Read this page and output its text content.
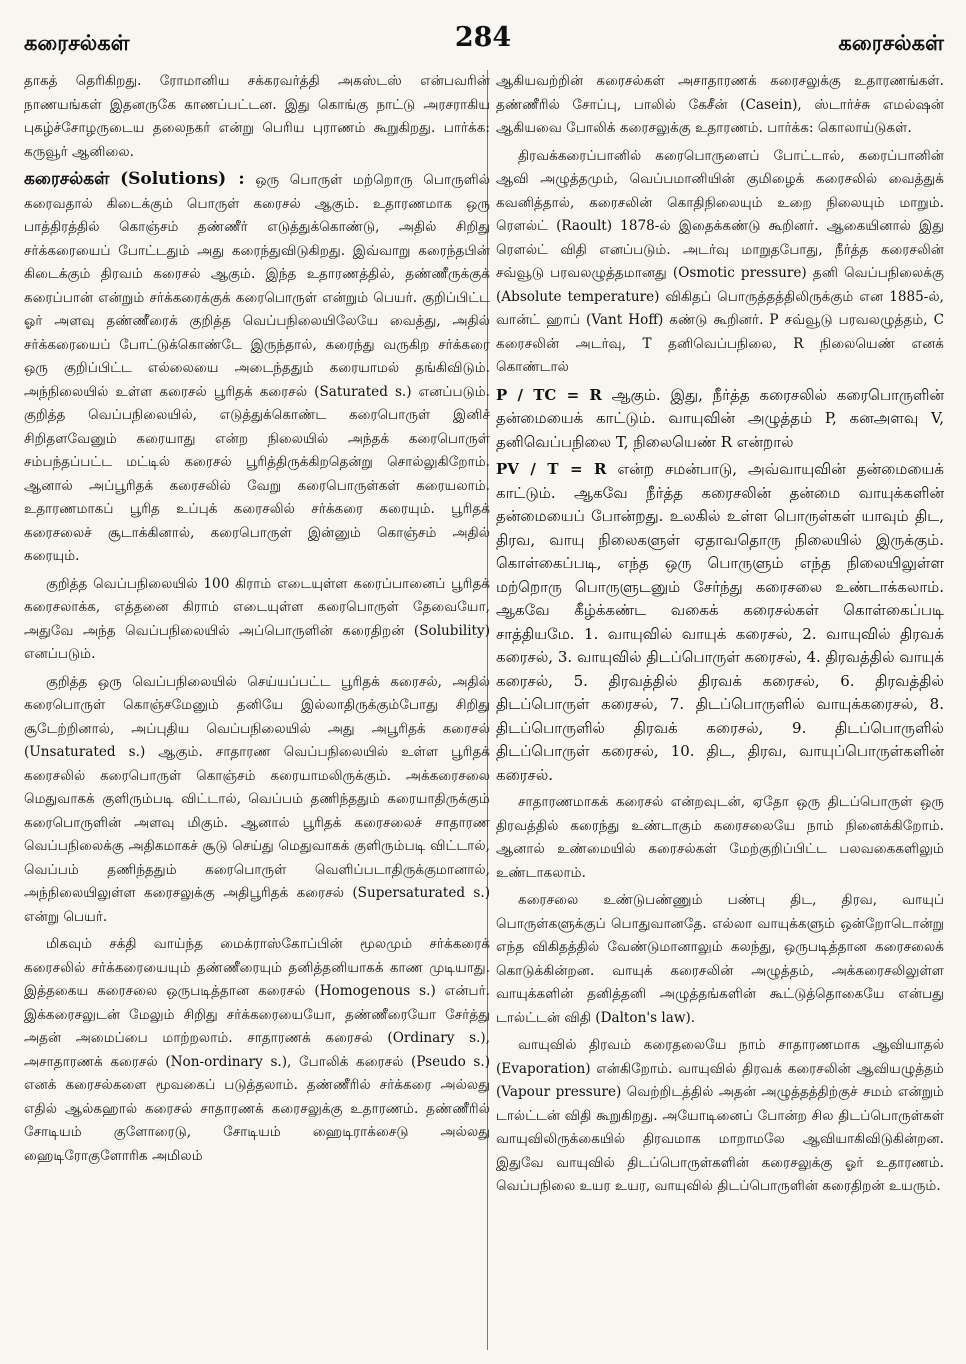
கரைசல்கள்	284	கரைசல்கள்

தாகத் தெரிகிறது. ரோமானிய சக்கரவர்த்தி அகஸ்டஸ் என்பவரின் நாணயங்கள் இதனருகே காணப்பட்டன. இது கொங்கு நாட்டு அரசராகிய புகழ்ச்சோழருடைய தலைநகர் என்று பெரிய புராணம் கூறுகிறது. பார்க்க: கருவூர் ஆனிலை.

கரைசல்கள் (Solutions) : ஒரு பொருள் மற்றொரு பொருளில் கரைவதால் கிடைக்கும் பொருள் கரைசல் ஆகும். உதாரணமாக ஒரு பாத்திரத்தில் கொஞ்சம் தண்ணீர் எடுத்துக்கொண்டு, அதில் சிறிது சர்க்கரையைப் போட்டதும் அது கரைந்துவிடுகிறது. இவ்வாறு கரைந்தபின் கிடைக்கும் திரவம் கரைசல் ஆகும். இந்த உதாரணத்தில், தண்ணீருக்குக் கரைப்பான் என்றும் சர்க்கரைக்குக் கரைபொருள் என்றும் பெயர். குறிப்பிட்ட ஓர் அளவு தண்ணீரைக் குறித்த வெப்பநிலையிலேயே வைத்து, அதில் சர்க்கரையைப் போட்டுக்கொண்டே இருந்தால், கரைந்து வருகிற சர்க்கரை ஒரு குறிப்பிட்ட எல்லையை அடைந்ததும் கரையாமல் தங்கிவிடும். அந்நிலையில் உள்ள கரைசல் பூரிதக் கரைசல் (Saturated s.) எனப்படும். குறித்த வெப்பநிலையில், எடுத்துக்கொண்ட கரைபொருள் இனிச் சிறிதளவேனும் கரையாது என்ற நிலையில் அந்தக் கரைபொருள் சம்பந்தப்பட்ட மட்டில் கரைசல் பூரித்திருக்கிறதென்று சொல்லுகிறோம். ஆனால் அப்பூரிதக் கரைசலில் வேறு கரைபொருள்கள் கரையலாம். உதாரணமாகப் பூரித உப்புக் கரைசலில் சர்க்கரை கரையும். பூரிதக் கரைசலைச் சூடாக்கினால், கரைபொருள் இன்னும் கொஞ்சம் அதில் கரையும்.

குறித்த வெப்பநிலையில் 100 கிராம் எடையுள்ள கரைப்பானைப் பூரிதக் கரைசலாக்க, எத்தனை கிராம் எடையுள்ள கரைபொருள் தேவையோ, அதுவே அந்த வெப்பநிலையில் அப்பொருளின் கரைதிறன் (Solubility) எனப்படும்.

குறித்த ஒரு வெப்பநிலையில் செய்யப்பட்ட பூரிதக் கரைசல், அதில் கரைபொருள் கொஞ்சமேனும் தனியே இல்லாதிருக்கும்போது சிறிது சூடேற்றினால், அப்புதிய வெப்பநிலையில் அது அபூரிதக் கரைசல் (Unsaturated s.) ஆகும். சாதாரண வெப்பநிலையில் உள்ள பூரிதக் கரைசலில் கரைபொருள் கொஞ்சம் கரையாமலிருக்கும். அக்கரைசலை மெதுவாகக் குளிரும்படி விட்டால், வெப்பம் தணிந்ததும் கரையாதிருக்கும் கரைபொருளின் அளவு மிகும். ஆனால் பூரிதக் கரைசலைச் சாதாரண வெப்பநிலைக்கு அதிகமாகச் சூடு செய்து மெதுவாகக் குளிரும்படி விட்டால், வெப்பம் தணிந்ததும் கரைபொருள் வெளிப்படாதிருக்குமானால், அந்நிலையிலுள்ள கரைசலுக்கு அதிபூரிதக் கரைசல் (Supersaturated s.) என்று பெயர்.

மிகவும் சக்தி வாய்ந்த மைக்ராஸ்கோப்பின் மூலமும் சர்க்கரைக் கரைசலில் சர்க்கரையையும் தண்ணீரையும் தனித்தனியாகக் காண முடியாது. இத்தகைய கரைசலை ஒருபடித்தான கரைசல் (Homogenous s.) என்பர். இக்கரைசலுடன் மேலும் சிறிது சர்க்கரையையோ, தண்ணீரையோ சேர்த்து அதன் அமைப்பை மாற்றலாம். சாதாரணக் கரைசல் (Ordinary s.), அசாதாரணக் கரைசல் (Non-ordinary s.), போலிக் கரைசல் (Pseudo s.) எனக் கரைசல்களை மூவகைப் படுத்தலாம். தண்ணீரில் சர்க்கரை அல்லது எதில் ஆல்கஹால் கரைசல் சாதாரணக் கரைசலுக்கு உதாரணம். தண்ணீரில் சோடியம் குளோரைடு, சோடியம் ஹைடிராக்சைடு அல்லது ஹைடிரோகுளோரிக அமிலம்

ஆகியவற்றின் கரைசல்கள் அசாதாரணக் கரைசலுக்கு உதாரணங்கள். தண்ணீரில் சோப்பு, பாலில் கேசீன் (Casein), ஸ்டார்ச்சு எமல்ஷன் ஆகியவை போலிக் கரைசலுக்கு உதாரணம். பார்க்க: கொலாய்டுகள்.

திரவக்கரைப்பானில் கரைபொருளைப் போட்டால், கரைப்பானின் ஆவி அழுத்தமும், வெப்பமானியின் குமிழைக் கரைசலில் வைத்துக் கவனித்தால், கரைசலின் கொதிநிலையும் உறை நிலையும் மாறும். ரௌல்ட் (Raoult) 1878-ல் இதைக்கண்டு கூறினர். ஆகையினால் இது ரௌல்ட் விதி எனப்படும். அடர்வு மாறுதபோது, நீர்த்த கரைசலின் சவ்வூடு பரவலழுத்தமானது (Osmotic pressure) தனி வெப்பநிலைக்கு (Absolute temperature) விகிதப் பொருத்தத்திலிருக்கும் என 1885-ல், வான்ட் ஹாப் (Vant Hoff) கண்டு கூறினர். P சவ்வூடு பரவலழுத்தம், C கரைசலின் அடர்வு, T தனிவெப்பநிலை, R நிலையெண் எனக் கொண்டால்

P / TC = R ஆகும். இது, நீர்த்த கரைசலில் கரைபொருளின் தன்மையைக் காட்டும். வாயுவின் அழுத்தம் P, கனஅளவு V, தனிவெப்பநிலை T, நிலையெண் R என்றால்

PV / T = R என்ற சமன்பாடு, அவ்வாயுவின் தன்மையைக் காட்டும். ஆகவே நீர்த்த கரைசலின் தன்மை வாயுக்களின் தன்மையைப் போன்றது. உலகில் உள்ள பொருள்கள் யாவும் திட, திரவ, வாயு நிலைகளுள் ஏதாவதொரு நிலையில் இருக்கும். கொள்கைப்படி, எந்த ஒரு பொருளும் எந்த நிலையிலுள்ள மற்றொரு பொருளுடனும் சேர்ந்து கரைசலை உண்டாக்கலாம். ஆகவே கீழ்க்கண்ட வகைக் கரைசல்கள் கொள்கைப்படி சாத்தியமே. 1. வாயுவில் வாயுக் கரைசல், 2. வாயுவில் திரவக் கரைசல், 3. வாயுவில் திடப்பொருள் கரைசல், 4. திரவத்தில் வாயுக் கரைசல், 5. திரவத்தில் திரவக் கரைசல், 6. திரவத்தில் திடப்பொருள் கரைசல், 7. திடப்பொருளில் வாயுக்கரைசல், 8. திடப்பொருளில் திரவக் கரைசல், 9. திடப்பொருளில் திடப்பொருள் கரைசல், 10. திட, திரவ, வாயுப்பொருள்களின் கரைசல்.

சாதாரணமாகக் கரைசல் என்றவுடன், ஏதோ ஒரு திடப்பொருள் ஒரு திரவத்தில் கரைந்து உண்டாகும் கரைசலையே நாம் நினைக்கிறோம். ஆனால் உண்மையில் கரைசல்கள் மேற்குறிப்பிட்ட பலவகைகளிலும் உண்டாகலாம்.

கரைசலை உண்டுபண்ணும் பண்பு திட, திரவ, வாயுப் பொருள்களுக்குப் பொதுவானதே. எல்லா வாயுக்களும் ஒன்றோடொன்று எந்த விகிதத்தில் வேண்டுமானாலும் கலந்து, ஒருபடித்தான கரைசலைக் கொடுக்கின்றன. வாயுக் கரைசலின் அழுத்தம், அக்கரைசலிலுள்ள வாயுக்களின் தனித்தனி அழுத்தங்களின் கூட்டுத்தொகையே என்பது டால்ட்டன் விதி (Dalton's law).

வாயுவில் திரவம் கரைதலையே நாம் சாதாரணமாக ஆவியாதல் (Evaporation) என்கிறோம். வாயுவில் திரவக் கரைசலின் ஆவியழுத்தம் (Vapour pressure) வெற்றிடத்தில் அதன் அழுத்தத்திற்குச் சமம் என்றும் டால்ட்டன் விதி கூறுகிறது. அயோடினைப் போன்ற சில திடப்பொருள்கள் வாயுவிலிருக்கையில் திரவமாக மாறாமலே ஆவியாகிவிடுகின்றன. இதுவே வாயுவில் திடப்பொருள்களின் கரைசலுக்கு ஓர் உதாரணம். வெப்பநிலை உயர உயர, வாயுவில் திடப்பொருளின் கரைதிறன் உயரும்.
